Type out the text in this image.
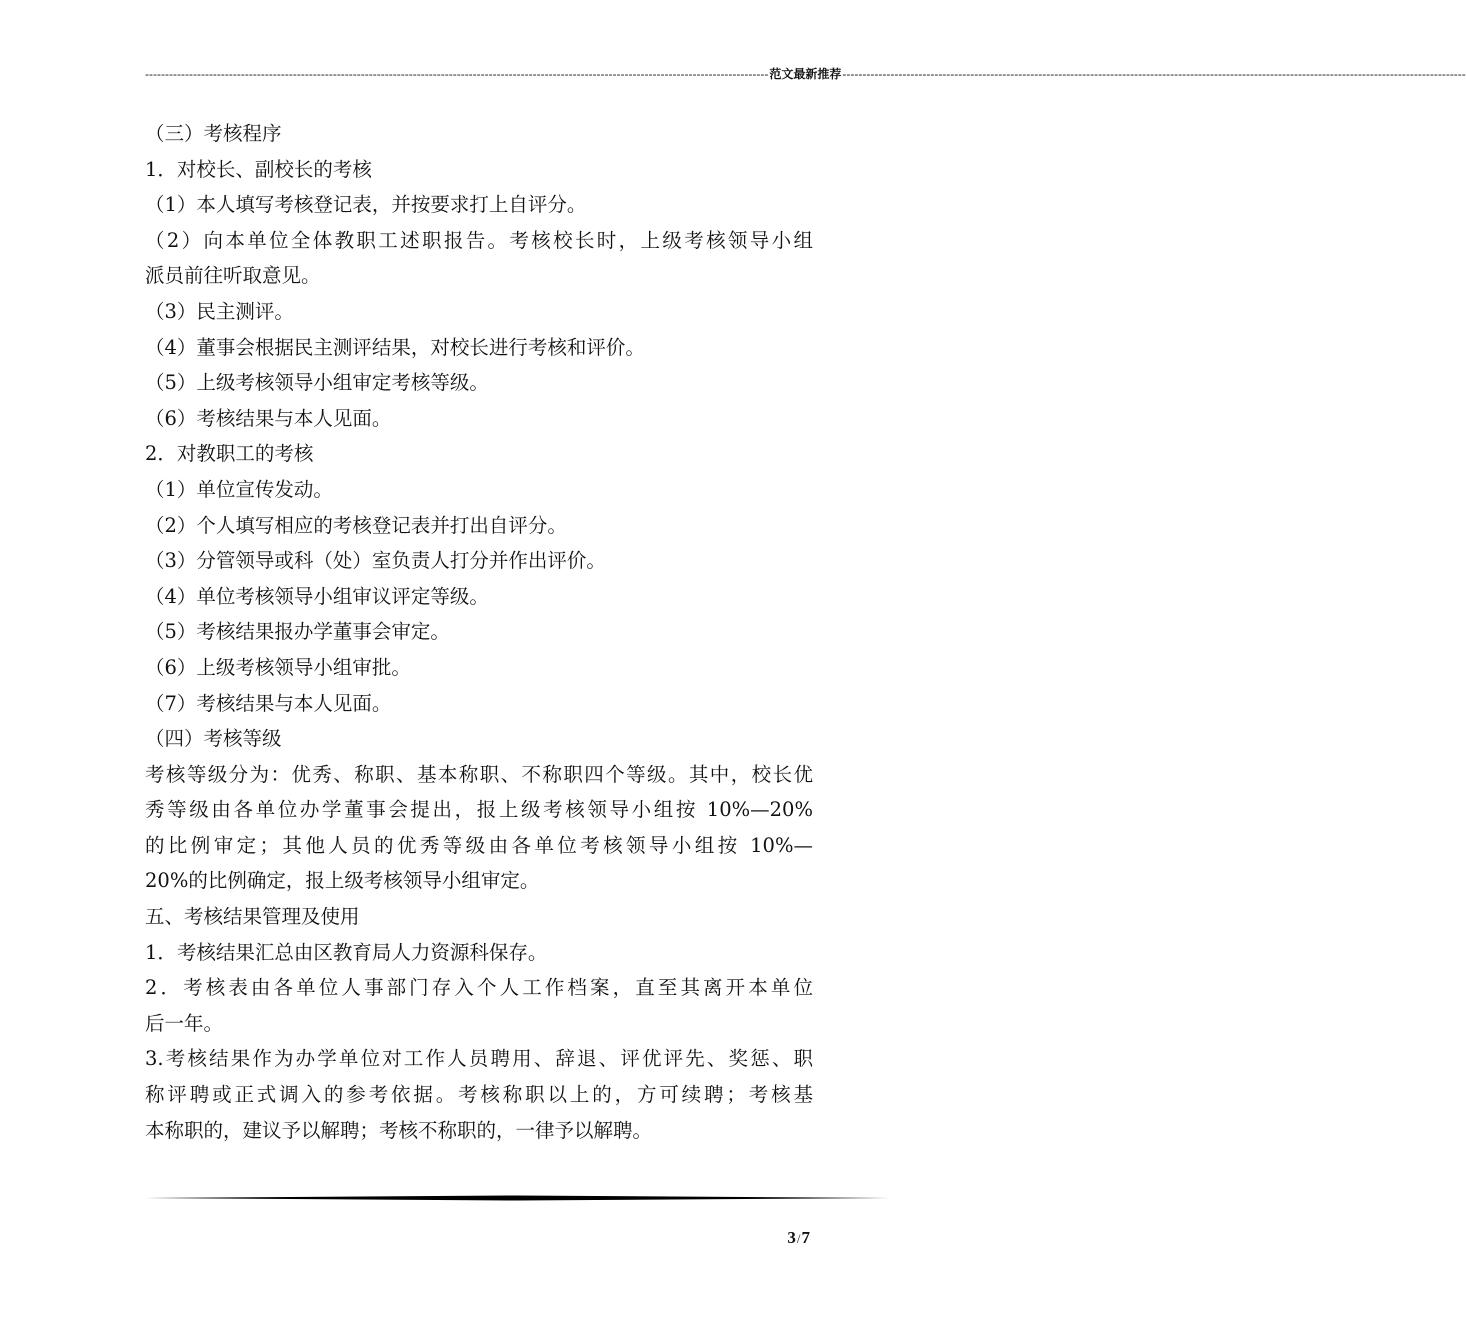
------------------------------------------------------------------------------------------------------------------------------------------------------------ 范文最新推荐 ------------------------------------------------------------------------------------------------------------------------------------------------------------
（三）考核程序
1．对校长、副校长的考核
（1）本人填写考核登记表，并按要求打上自评分。
（2）向本单位全体教职工述职报告。考核校长时，上级考核领导小组
派员前往听取意见。
（3）民主测评。
（4）董事会根据民主测评结果，对校长进行考核和评价。
（5）上级考核领导小组审定考核等级。
（6）考核结果与本人见面。
2．对教职工的考核
（1）单位宣传发动。
（2）个人填写相应的考核登记表并打出自评分。
（3）分管领导或科（处）室负责人打分并作出评价。
（4）单位考核领导小组审议评定等级。
（5）考核结果报办学董事会审定。
（6）上级考核领导小组审批。
（7）考核结果与本人见面。
（四）考核等级
考核等级分为：优秀、称职、基本称职、不称职四个等级。其中，校长优
秀等级由各单位办学董事会提出，报上级考核领导小组按 10%—20%
的比例审定；其他人员的优秀等级由各单位考核领导小组按 10%—
20%的比例确定，报上级考核领导小组审定。
五、考核结果管理及使用
1．考核结果汇总由区教育局人力资源科保存。
2．考核表由各单位人事部门存入个人工作档案，直至其离开本单位
后一年。
3.考核结果作为办学单位对工作人员聘用、辞退、评优评先、奖惩、职
称评聘或正式调入的参考依据。考核称职以上的，方可续聘；考核基
本称职的，建议予以解聘；考核不称职的，一律予以解聘。
3/7
